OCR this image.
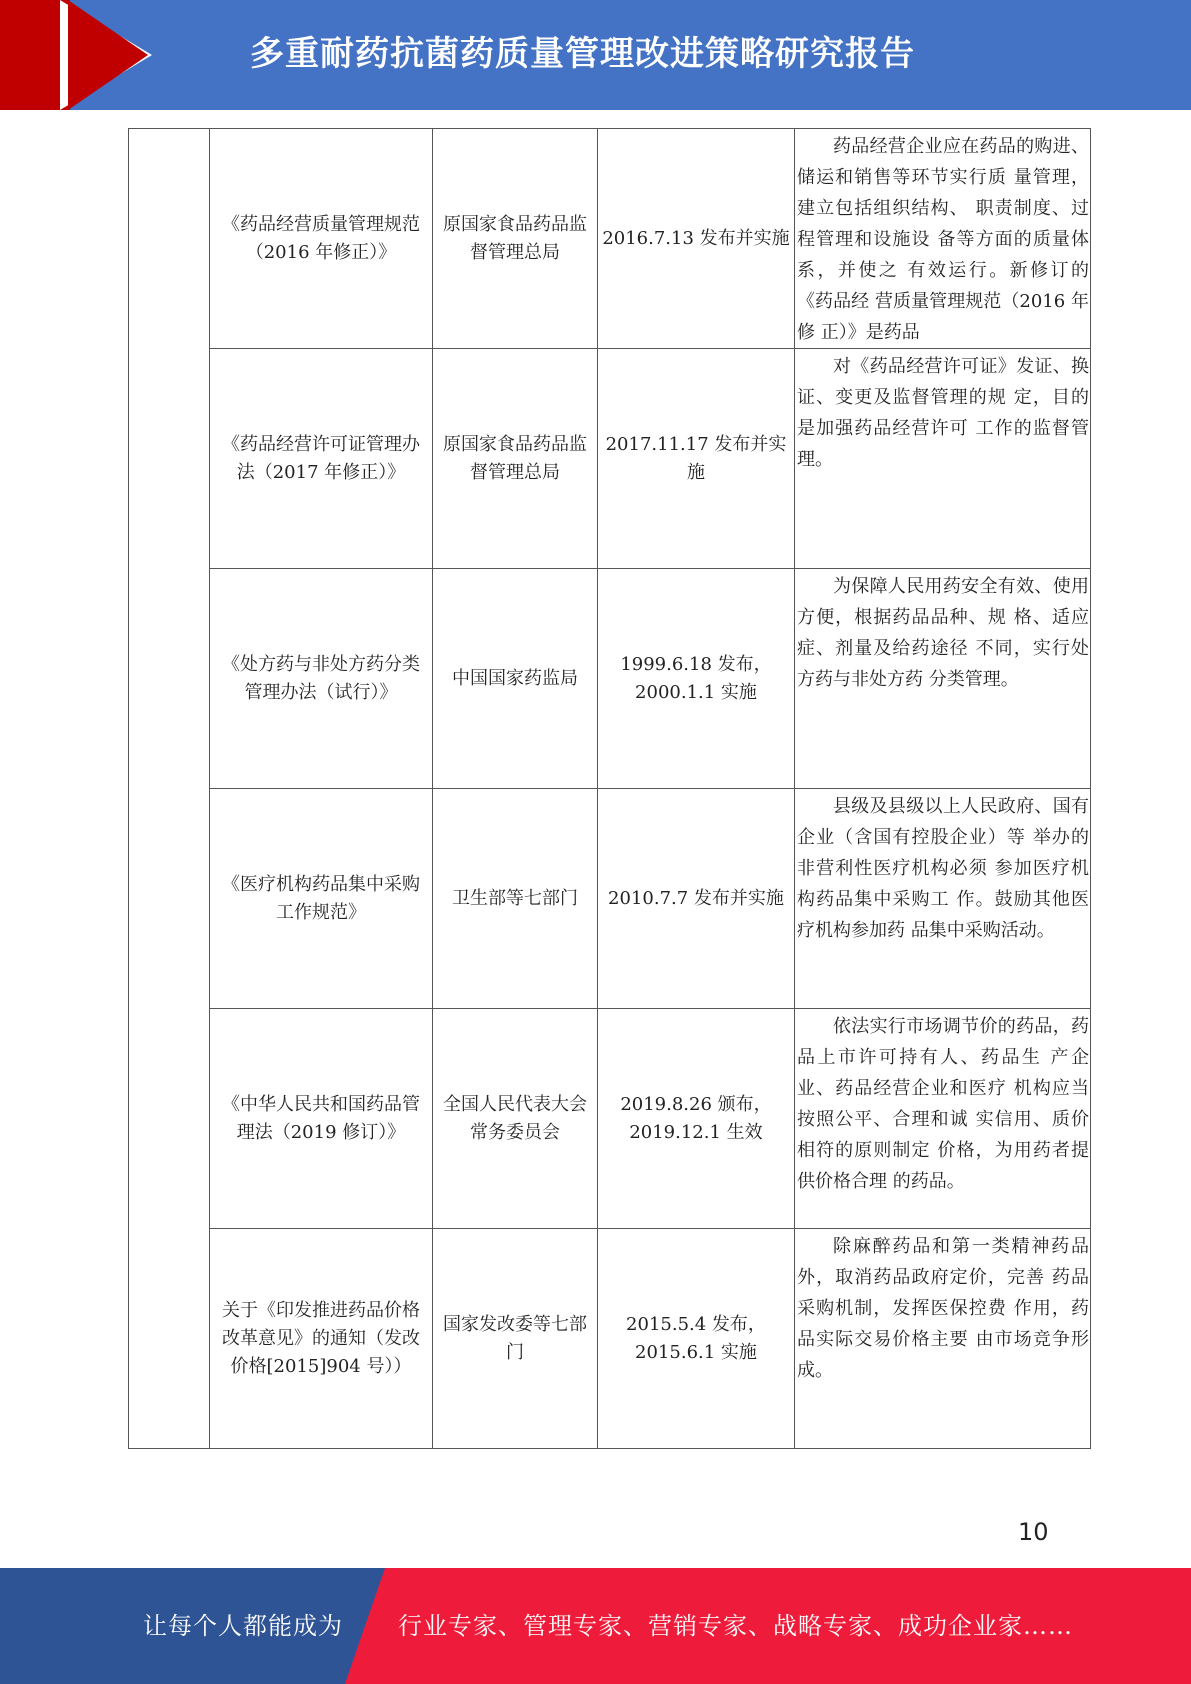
多重耐药抗菌药质量管理改进策略研究报告
	《药品经营质量管理规范（2016 年修正）》	原国家食品药品监督管理总局	2016.7.13 发布并实施	药品经营企业应在药品的购进、储运和销售等环节实行质 量管理，建立包括组织结构、 职责制度、过程管理和设施设 备等方面的质量体系，并使之 有效运行。新修订的《药品经 营质量管理规范（2016 年修 正）》是药品

	《药品经营许可证管理办法（2017 年修正）》	原国家食品药品监督管理总局	2017.11.17 发布并实施	对《药品经营许可证》发证、换证、变更及监督管理的规 定，目的是加强药品经营许可 工作的监督管理。

	《处方药与非处方药分类管理办法（试行）》	中国国家药监局	1999.6.18 发布，2000.1.1 实施	为保障人民用药安全有效、使用方便，根据药品品种、规 格、适应症、剂量及给药途径 不同，实行处方药与非处方药 分类管理。

	《医疗机构药品集中采购工作规范》	卫生部等七部门	2010.7.7 发布并实施	县级及县级以上人民政府、国有企业（含国有控股企业）等 举办的非营利性医疗机构必须 参加医疗机构药品集中采购工 作。鼓励其他医疗机构参加药 品集中采购活动。

	《中华人民共和国药品管理法（2019 修订）》	全国人民代表大会常务委员会	2019.8.26 颁布，2019.12.1 生效	依法实行市场调节价的药品，药品上市许可持有人、药品生 产企业、药品经营企业和医疗 机构应当按照公平、合理和诚 实信用、质价相符的原则制定 价格，为用药者提供价格合理 的药品。

	关于《印发推进药品价格改革意见》的通知（发改价格[2015]904 号））	国家发改委等七部门	2015.5.4 发布，2015.6.1 实施	除麻醉药品和第一类精神药品外，取消药品政府定价，完善 药品采购机制，发挥医保控费 作用，药品实际交易价格主要 由市场竞争形成。
10
让每个人都能成为 行业专家、管理专家、营销专家、战略专家、成功企业家……
